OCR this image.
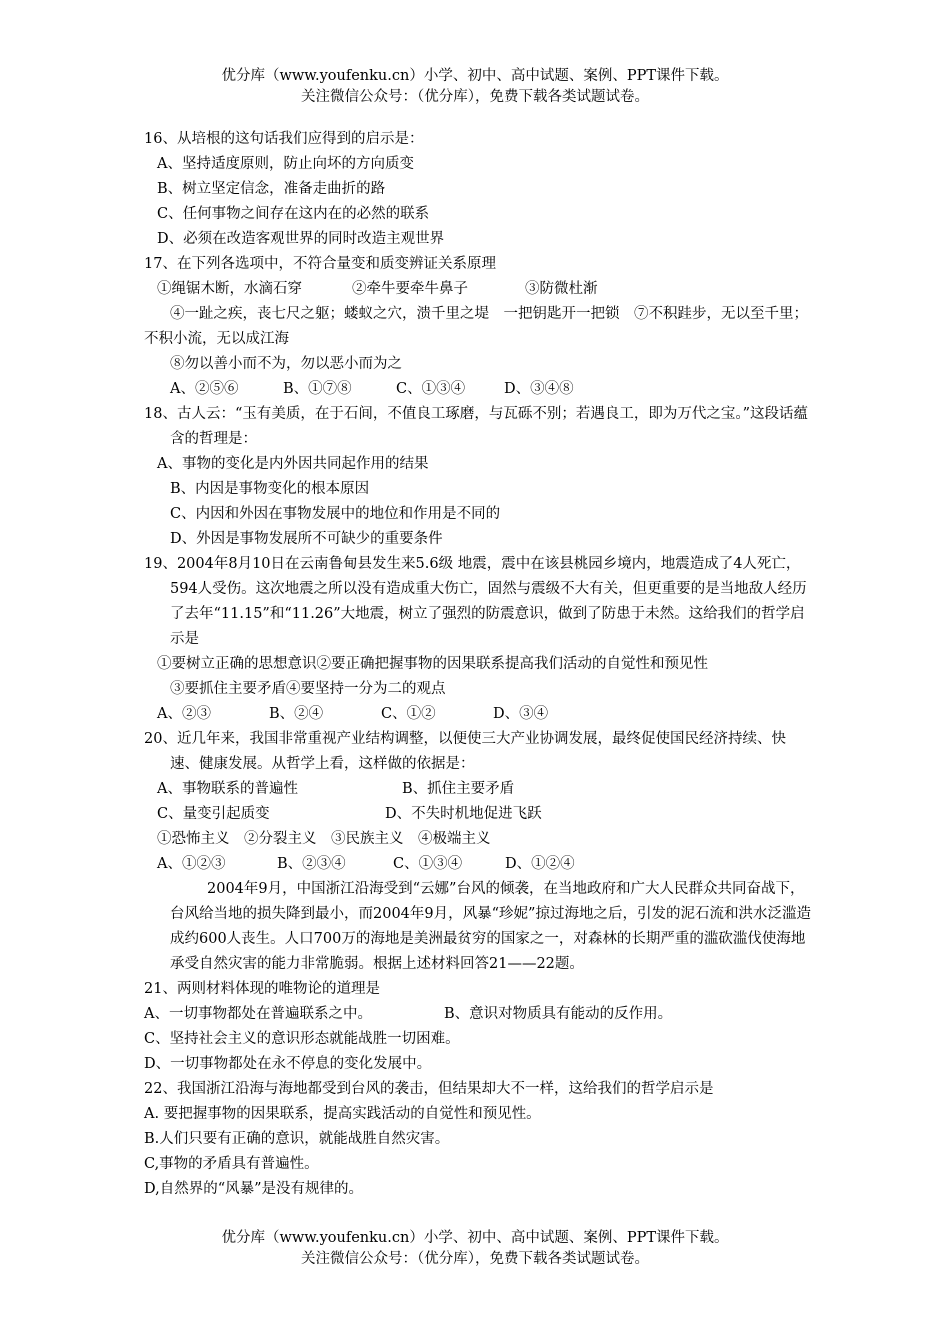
优分库（www.youfenku.cn）小学、初中、高中试题、案例、PPT课件下载。
关注微信公众号：（优分库），免费下载各类试题试卷。
16、从培根的这句话我们应得到的启示是：
A、坚持适度原则，防止向坏的方向质变
B、树立坚定信念，准备走曲折的路
C、任何事物之间存在这内在的必然的联系
D、必须在改造客观世界的同时改造主观世界
17、在下列各选项中，不符合量变和质变辨证关系原理
①绳锯木断，水滴石穿	②牵牛要牵牛鼻子	③防微杜渐
④一趾之疾，丧七尺之躯；蝼蚁之穴，溃千里之堤　一把钥匙开一把锁　⑦不积跬步，无以至千里；不积小流，无以成江海
⑧勿以善小而不为，勿以恶小而为之
A、②⑤⑥	B、①⑦⑧	C、①③④	D、③④⑧
18、古人云：“玉有美质，在于石间，不值良工琢磨，与瓦砾不别；若遇良工，即为万代之宝。”这段话蕴含的哲理是：
A、事物的变化是内外因共同起作用的结果
B、内因是事物变化的根本原因
C、内因和外因在事物发展中的地位和作用是不同的
D、外因是事物发展所不可缺少的重要条件
19、2004年8月10日在云南鲁甸县发生来5.6级 地震，震中在该县桃园乡境内，地震造成了4人死亡，594人受伤。这次地震之所以没有造成重大伤亡，固然与震级不大有关，但更重要的是当地敌人经历了去年“11.15”和“11.26”大地震，树立了强烈的防震意识，做到了防患于未然。这给我们的哲学启示是
①要树立正确的思想意识②要正确把握事物的因果联系提高我们活动的自觉性和预见性
③要抓住主要矛盾④要坚持一分为二的观点
A、②③	B、②④	C、①②	D、③④
20、近几年来，我国非常重视产业结构调整，以便使三大产业协调发展，最终促使国民经济持续、快速、健康发展。从哲学上看，这样做的依据是：
A、事物联系的普遍性	B、抓住主要矛盾
C、量变引起质变	D、不失时机地促进飞跃
①恐怖主义　②分裂主义　③民族主义　④极端主义
A、①②③	B、②③④	C、①③④	D、①②④
2004年9月，中国浙江沿海受到“云娜”台风的倾袭，在当地政府和广大人民群众共同奋战下，台风给当地的损失降到最小，而2004年9月，风暴“珍妮”掠过海地之后，引发的泥石流和洪水泛滥造成约600人丧生。人口700万的海地是美洲最贫穷的国家之一，对森林的长期严重的滥砍滥伐使海地承受自然灾害的能力非常脆弱。根据上述材料回答21——22题。
21、两则材料体现的唯物论的道理是
A、一切事物都处在普遍联系之中。	B、意识对物质具有能动的反作用。
C、坚持社会主义的意识形态就能战胜一切困难。
D、一切事物都处在永不停息的变化发展中。
22、我国浙江沿海与海地都受到台风的袭击，但结果却大不一样，这给我们的哲学启示是
A. 要把握事物的因果联系，提高实践活动的自觉性和预见性。
B.人们只要有正确的意识，就能战胜自然灾害。
C,事物的矛盾具有普遍性。
D,自然界的“风暴”是没有规律的。
优分库（www.youfenku.cn）小学、初中、高中试题、案例、PPT课件下载。
关注微信公众号：（优分库），免费下载各类试题试卷。
